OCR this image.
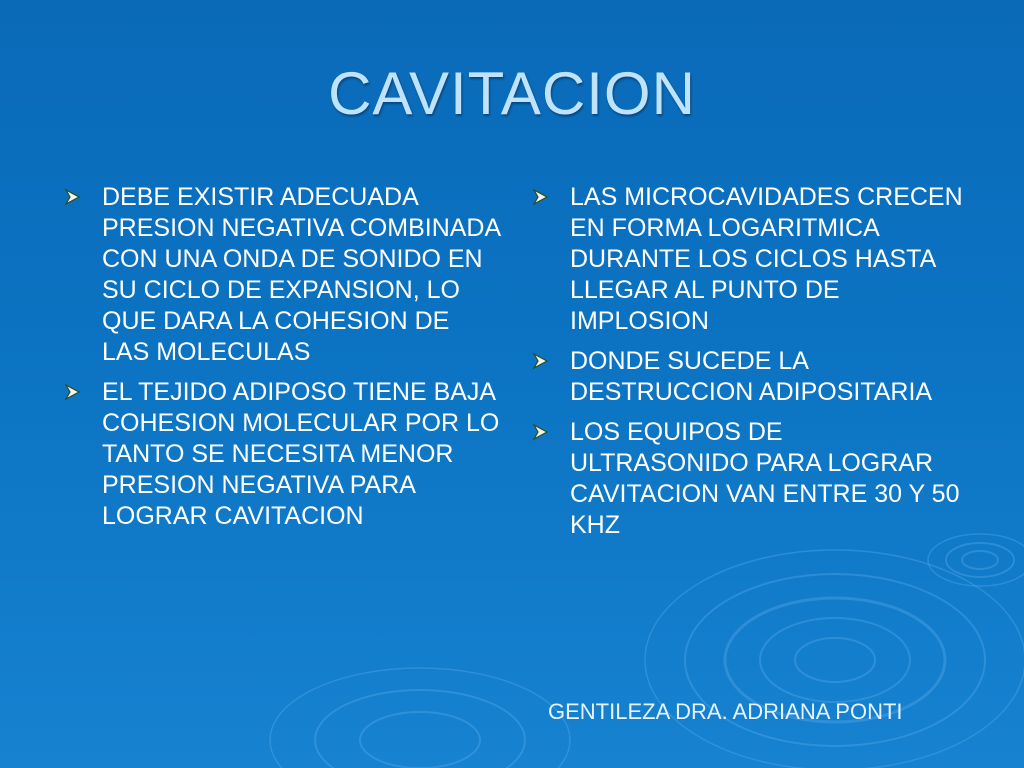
CAVITACION
DEBE EXISTIR ADECUADA PRESION NEGATIVA COMBINADA CON UNA ONDA DE SONIDO EN SU CICLO DE EXPANSION, LO QUE DARA LA COHESION DE LAS MOLECULAS
EL TEJIDO ADIPOSO TIENE BAJA COHESION MOLECULAR POR LO TANTO SE NECESITA MENOR PRESION NEGATIVA PARA LOGRAR CAVITACION
LAS MICROCAVIDADES CRECEN EN FORMA LOGARITMICA DURANTE LOS CICLOS HASTA LLEGAR AL PUNTO DE IMPLOSION
DONDE SUCEDE LA DESTRUCCION ADIPOSITARIA
LOS EQUIPOS DE ULTRASONIDO PARA LOGRAR CAVITACION VAN ENTRE 30 Y 50 KHZ
GENTILEZA DRA. ADRIANA PONTI
